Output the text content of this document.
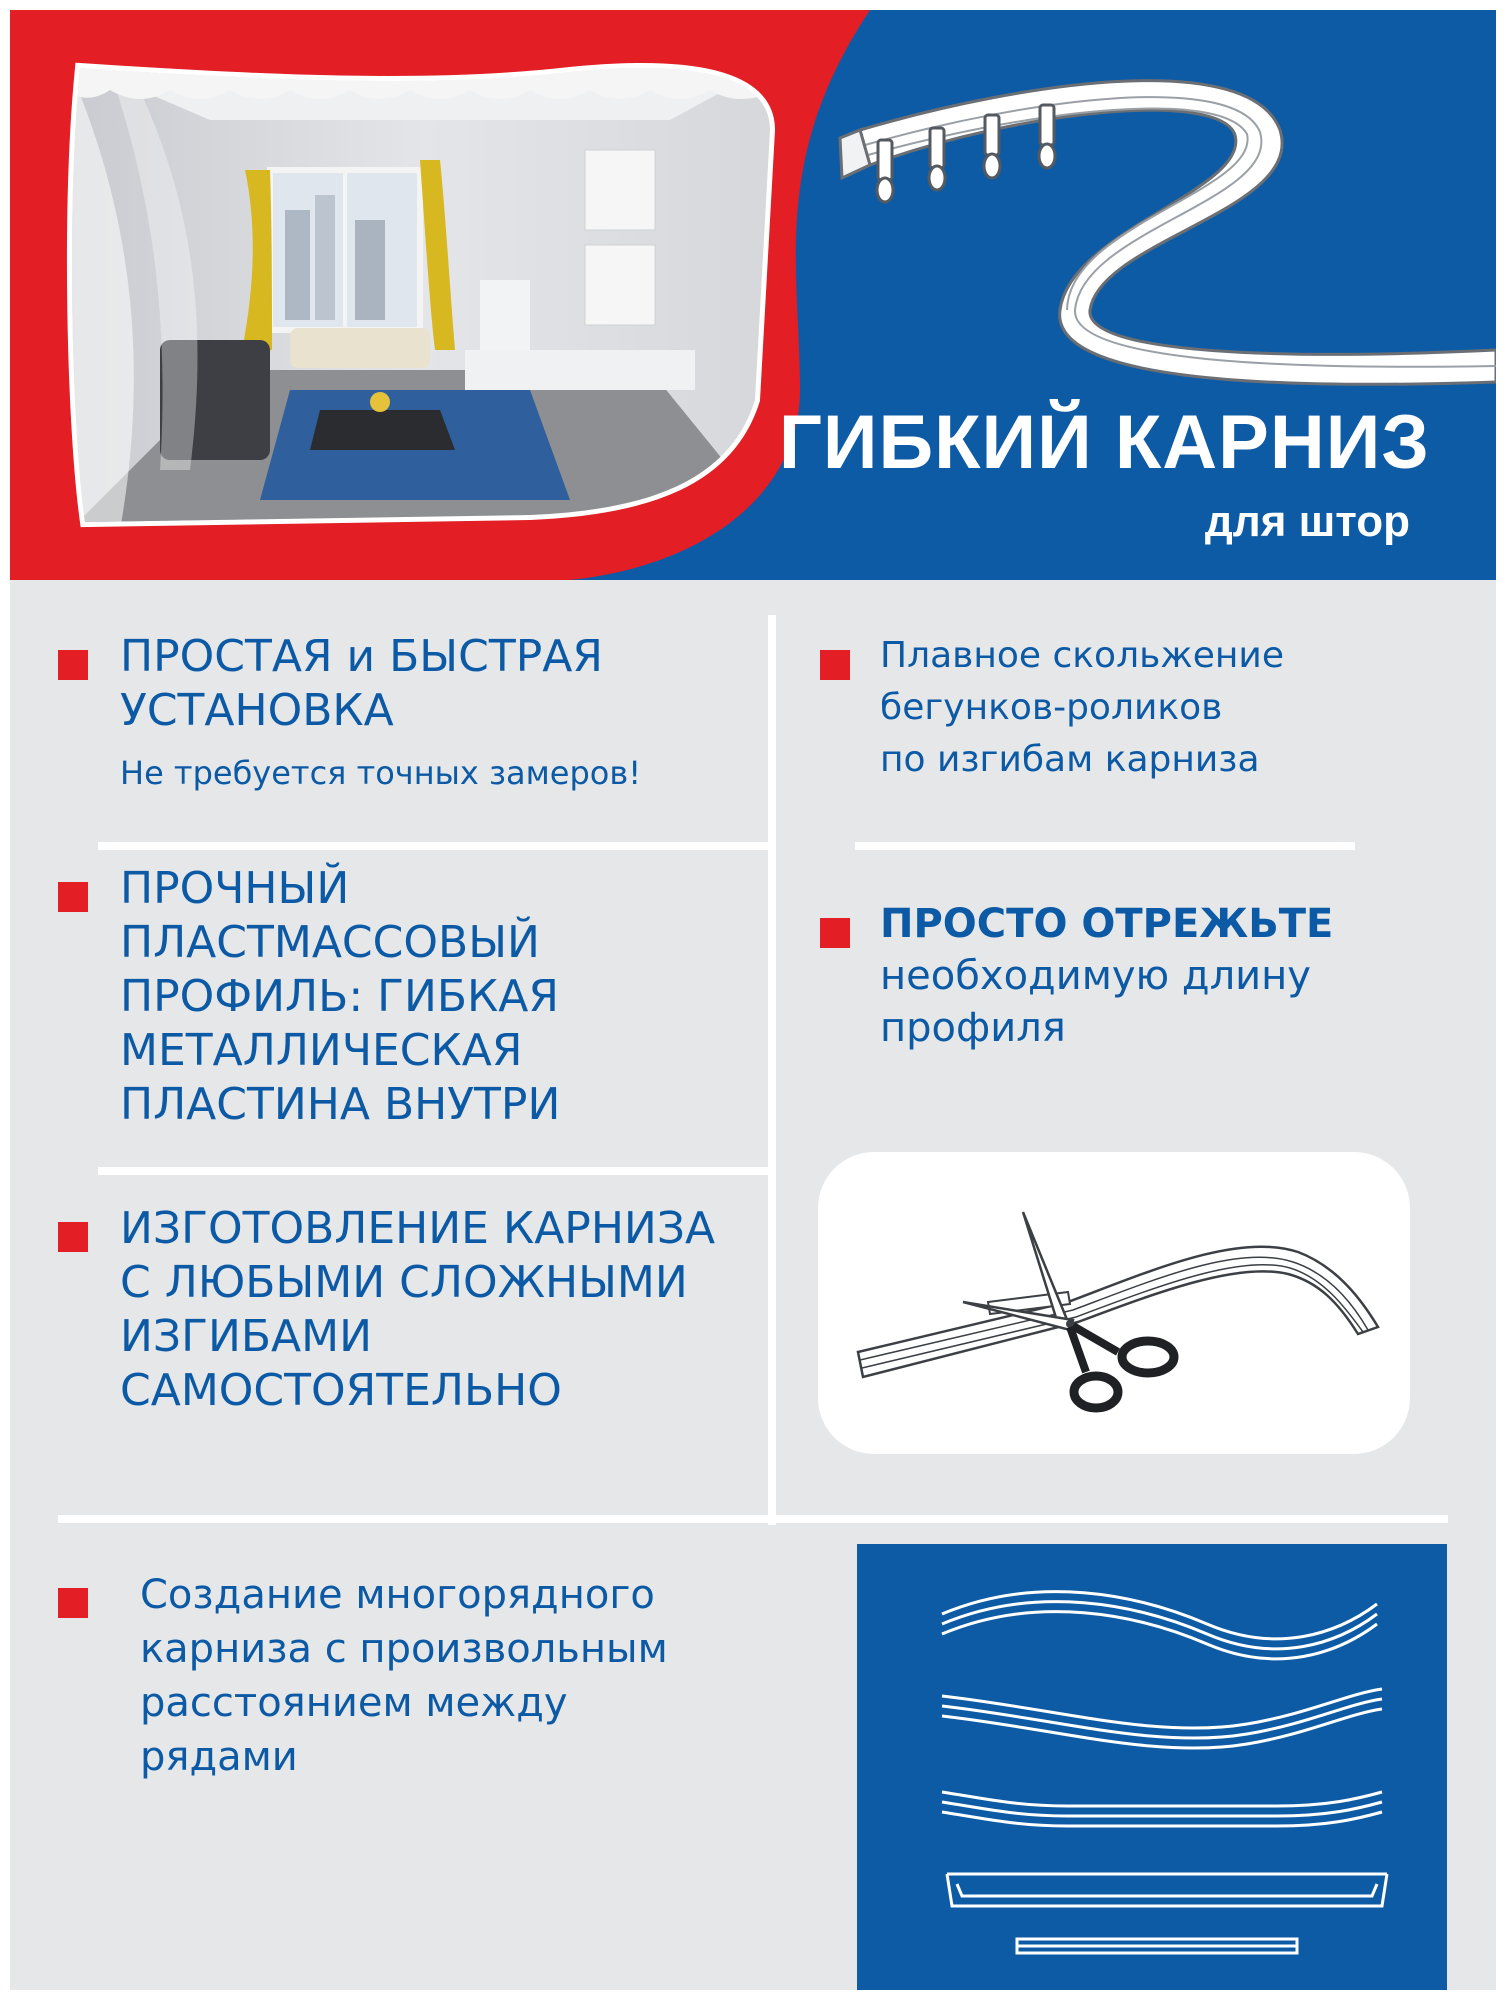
ГИБКИЙ КАРНИЗ
для штор
ПРОСТАЯ и БЫСТРАЯ
УСТАНОВКА
Не требуется точных замеров!
ПРОЧНЫЙ
ПЛАСТМАССОВЫЙ
ПРОФИЛЬ: ГИБКАЯ
МЕТАЛЛИЧЕСКАЯ
ПЛАСТИНА ВНУТРИ
ИЗГОТОВЛЕНИЕ КАРНИЗА
С ЛЮБЫМИ СЛОЖНЫМИ
ИЗГИБАМИ
САМОСТОЯТЕЛЬНО
Плавное скольжение
бегунков-роликов
по изгибам карниза
ПРОСТО ОТРЕЖЬТЕ
необходимую длину
профиля
Создание многорядного
карниза с произвольным
расстоянием между
рядами
